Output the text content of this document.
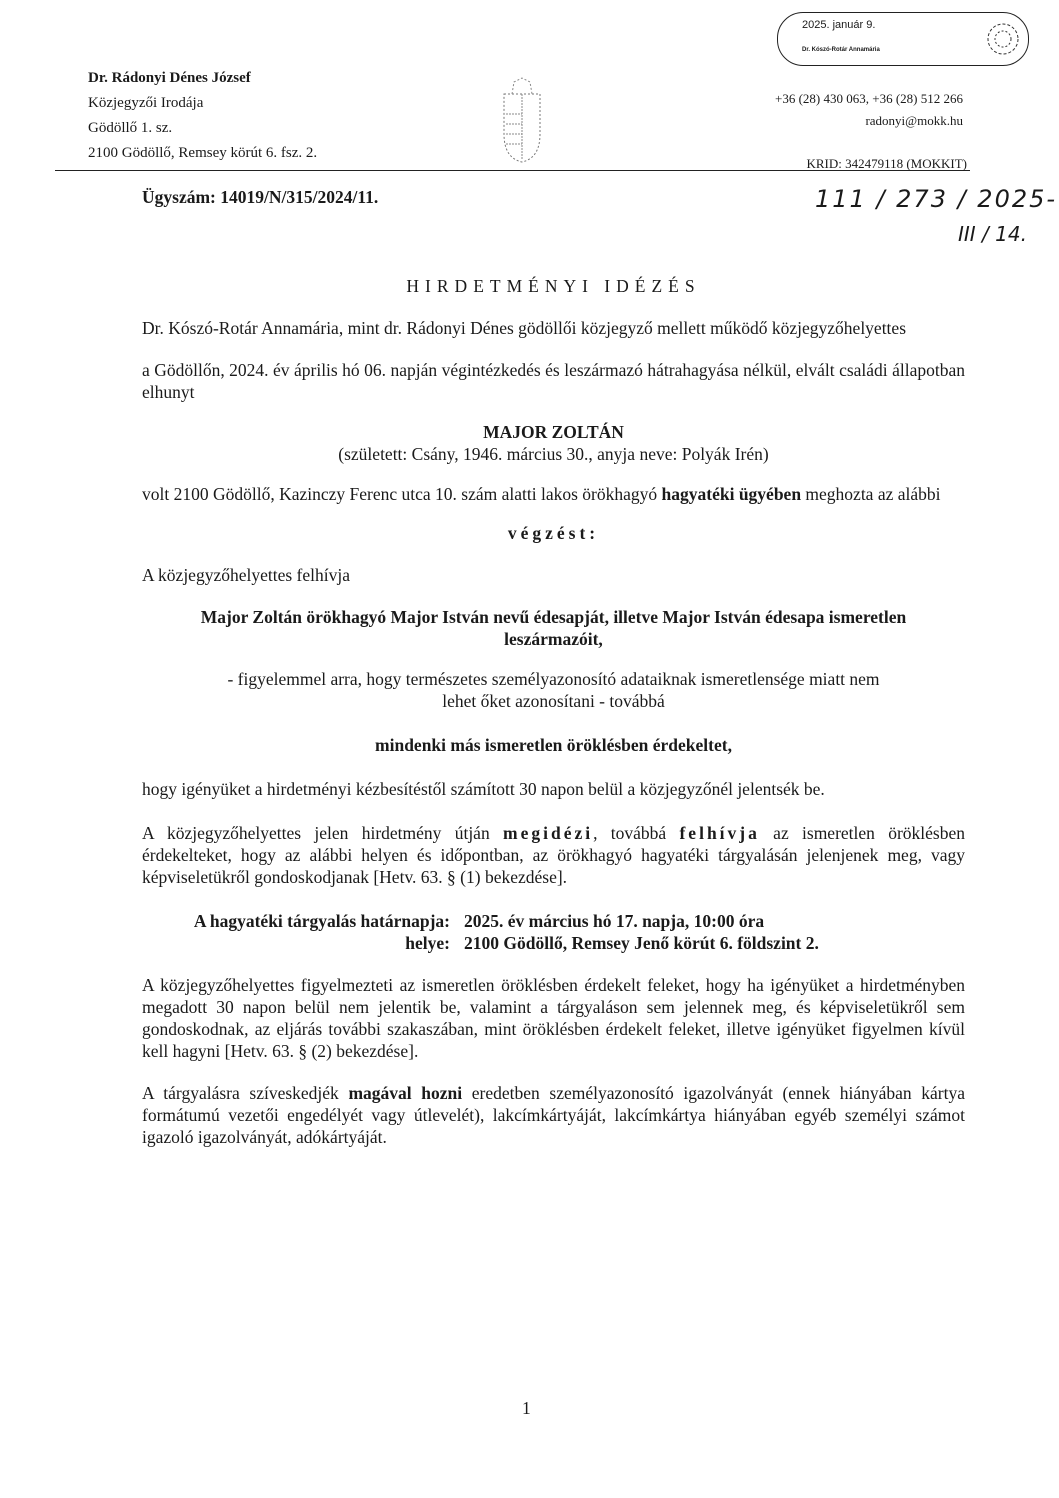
2025. január 9.
Dr. Kószó-Rotár Annamária
Dr. Rádonyi Dénes József
Közjegyzői Irodája
Gödöllő 1. sz.
2100 Gödöllő, Remsey körút 6. fsz. 2.
+36 (28) 430 063, +36 (28) 512 266
radonyi@mokk.hu
KRID: 342479118 (MOKKIT)
111 / 273 / 2025-
III / 14.
Ügyszám: 14019/N/315/2024/11.
HIRDETMÉNYI IDÉZÉS
Dr. Kószó-Rotár Annamária, mint dr. Rádonyi Dénes gödöllői közjegyző mellett működő közjegyzőhelyettes
a Gödöllőn, 2024. év április hó 06. napján végintézkedés és leszármazó hátrahagyása nélkül, elvált családi állapotban elhunyt
MAJOR ZOLTÁN
(született: Csány, 1946. március 30., anyja neve: Polyák Irén)
volt 2100 Gödöllő, Kazinczy Ferenc utca 10. szám alatti lakos örökhagyó hagyatéki ügyében meghozta az alábbi
végzést:
A közjegyzőhelyettes felhívja
Major Zoltán örökhagyó Major István nevű édesapját, illetve Major István édesapa ismeretlen leszármazóit,
- figyelemmel arra, hogy természetes személyazonosító adataiknak ismeretlensége miatt nem lehet őket azonosítani - továbbá
mindenki más ismeretlen öröklésben érdekeltet,
hogy igényüket a hirdetményi kézbesítéstől számított 30 napon belül a közjegyzőnél jelentsék be.
A közjegyzőhelyettes jelen hirdetmény útján megidézi, továbbá felhívja az ismeretlen öröklésben érdekelteket, hogy az alábbi helyen és időpontban, az örökhagyó hagyatéki tárgyalásán jelenjenek meg, vagy képviseletükről gondoskodjanak [Hetv. 63. § (1) bekezdése].
A hagyatéki tárgyalás határnapja: 2025. év március hó 17. napja, 10:00 óra
helye: 2100 Gödöllő, Remsey Jenő körút 6. földszint 2.
A közjegyzőhelyettes figyelmezteti az ismeretlen öröklésben érdekelt feleket, hogy ha igényüket a hirdetményben megadott 30 napon belül nem jelentik be, valamint a tárgyaláson sem jelennek meg, és képviseletükről sem gondoskodnak, az eljárás további szakaszában, mint öröklésben érdekelt feleket, illetve igényüket figyelmen kívül kell hagyni [Hetv. 63. § (2) bekezdése].
A tárgyalásra szíveskedjék magával hozni eredetben személyazonosító igazolványát (ennek hiányában kártya formátumú vezetői engedélyét vagy útlevelét), lakcímkártyáját, lakcímkártya hiányában egyéb személyi számot igazoló igazolványát, adókártyáját.
1
